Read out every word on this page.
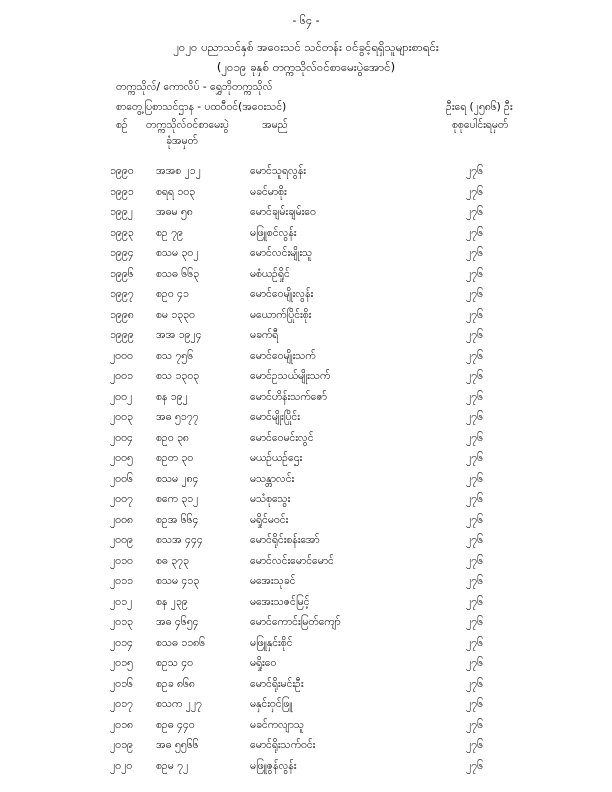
- ၆၄ -
၂၀၂၀ ပညာသင်နှစ် အဝေးသင် သင်တန်း ဝင်ခွင့်ရရှိသူများစာရင်း
(၂၀၁၉ ခုနှစ် တက္ကသိုလ်ဝင်စာမေးပွဲအောင်)
တက္ကသိုလ်/ ကောလိပ် - ရွှေဘိုတက္ကသိုလ်
စာတွေ့ပြစာသင်ဌာန - ပထဝီဝင်(အဝေးသင်)	ဦးရေ (၂၅၈၆) ဦး
စဉ် တက္ကသိုလ်ဝင်စာမေးပွဲ
ခုံအမှတ်
အမည်	စုစုပေါင်းရမှတ်
၁၉၉၀ အအစ ၂၁၂	မောင်သူရလွန်း	၂၇၆
၁၉၉၁ စရရ ၁၀၃	မခင်မာစိုး	၂၇၆
၁၉၉၂ အဓမ ၅၈	မောင်ချမ်းချမ်းဝေ	၂၇၆
၁၉၉၃ စဥ ၇၉	မဖြူစင်လွန်း	၂၇၆
၁၉၉၄ စသမ ၃၀၂	မောင်လင်းမျိုးသူ	၂၇၆
၁၉၉၆ စသဓ ၆၆၃	မစံယဉ်ရှိုင်	၂၇၆
၁၉၉၇ စဥဝ ၄၁	မောင်ဝေမျိုးလွန်း	၂၇၆
၁၉၉၈ စမ ၁၃၃၀	မယောက်ပြိုင်းစိုး	၂၇၆
၁၉၉၉ အအ ၁၉၂၄	မခက်ရီ	၂၇၆
၂၀၀၀ စသ ၇၅၆	မောင်ဝေမျိုးသက်	၂၇၆
၂၀၀၁ စသ ၁၃၀၃	မောင်ဥသယ်မျိုးသက်	၂၇၆
၂၀၀၂ စန ၁၉၂	မောင်ဟိန်းသက်ဇော်	၂၇၆
၂၀၀၃ အဓ ၅၁၇၇	မောင်မျိုးပြိုင်း	၂၇၆
၂၀၀၄ စဥဝ ၃၈	မောင်ဝေမင်းလွင်	၂၇၆
၂၀၀၅ စဥတ ၃၀	မယဉ်ယဉ်ဌေး	၂၇၆
၂၀၀၆ စသမ ၂၈၄	မသန္တာလင်း	၂၇၆
၂၀၀၇ စကေ ၃၁၂	မသံစုသွေး	၂၇၆
၂၀၀၈ စဥအ ၆၆၄	မရှိုင်မဝင်း	၂၇၆
၂၀၀၉ စသအ ၄၄၄	မောင်ရိုင်းစန်းအော်	၂၇၆
၂၀၁၀ စဓ ၃၇၃	မောင်လင်းမောင်မောင်	၂၇၆
၂၀၁၁ စသမ ၄၁၃	မအေးသုခင်	၂၇၆
၂၀၁၂ စန ၂၃၉	မအေးသဇင်မြင့်	၂၇၆
၂၀၁၃ အဓ ၄၆၅၄	မောင်ကောင်းမြတ်ကျော်	၂၇၆
၂၀၁၄ စသဓ ၁၁၈၆	မဖြူနှင်းစိုင်	၂၇၆
၂၀၁၅ စဥသ ၄၀	မရှိုးဝေ	၂၇၆
၂၀၁၆ စဥခ ၈၆၈	မောင်ရိုးမင်းဦး	၂၇၆
၂၀၁၇ စသက ၂၂၇	မနှင်းဝှင်ဖြူ	၂၇၆
၂၀၁၈ စဥဓ ၄၄၀	မခင်ကလျာသူ	၂၇၆
၂၀၁၉ အဓ ၅၅၆၆	မောင်ရိုးသက်ဝင်း	၂၇၆
၂၀၂၀ စဥမ ၇၂	မဖြူဇွန်လွန်း	၂၇၆
